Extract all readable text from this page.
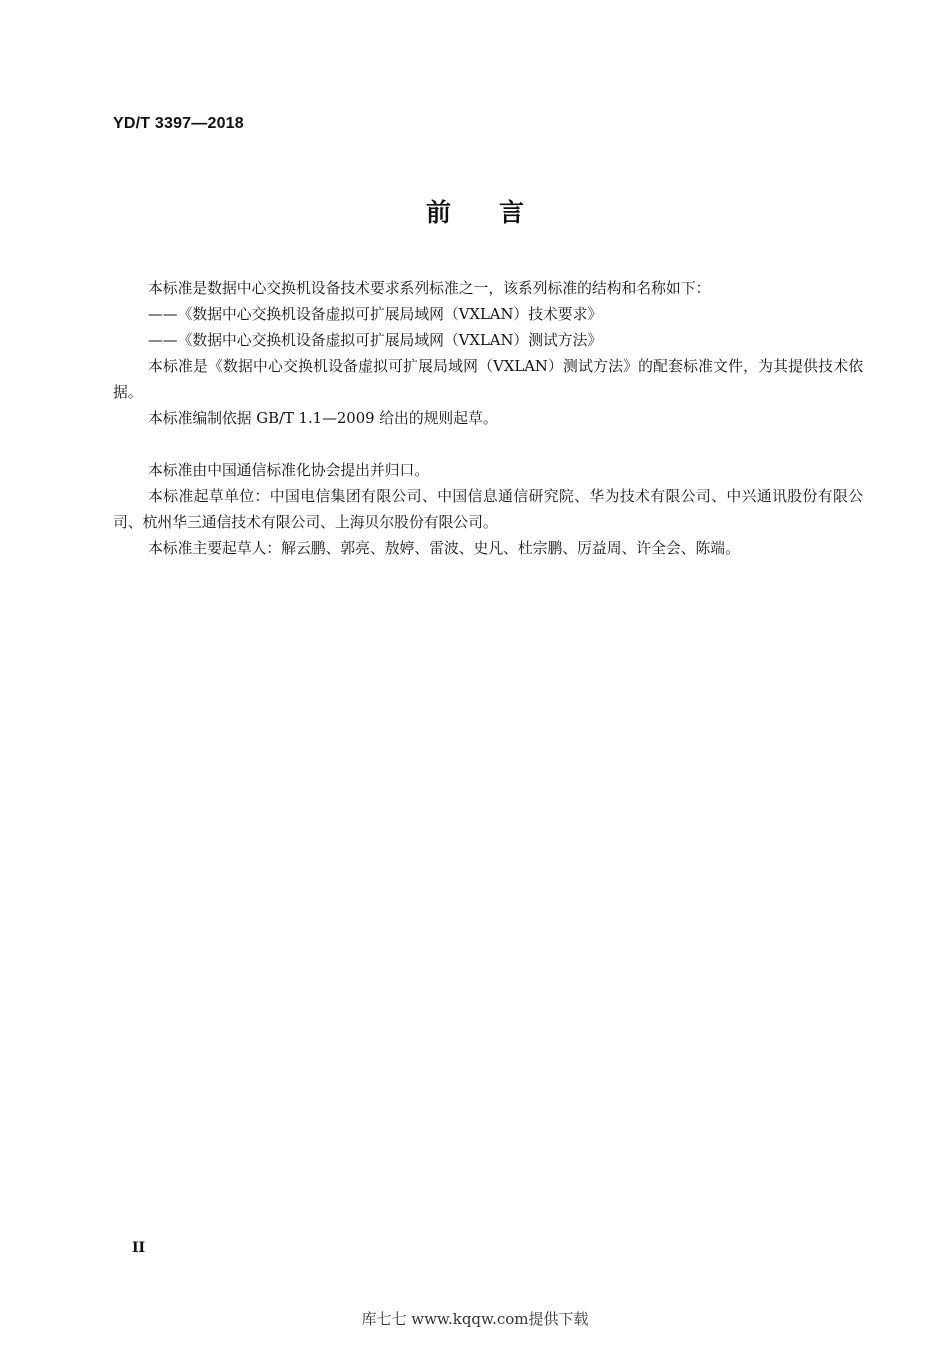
YD/T 3397—2018
前言

本标准是数据中心交换机设备技术要求系列标准之一，该系列标准的结构和名称如下：

——《数据中心交换机设备虚拟可扩展局域网（VXLAN）技术要求》

——《数据中心交换机设备虚拟可扩展局域网（VXLAN）测试方法》

本标准是《数据中心交换机设备虚拟可扩展局域网（VXLAN）测试方法》的配套标准文件，为其提供技术依据。

本标准编制依据 GB/T 1.1—2009 给出的规则起草。

本标准由中国通信标准化协会提出并归口。

本标准起草单位：中国电信集团有限公司、中国信息通信研究院、华为技术有限公司、中兴通讯股份有限公司、杭州华三通信技术有限公司、上海贝尔股份有限公司。

本标准主要起草人：解云鹏、郭亮、敖婷、雷波、史凡、杜宗鹏、厉益周、许全会、陈端。

II
库七七 www.kqqw.com提供下载
